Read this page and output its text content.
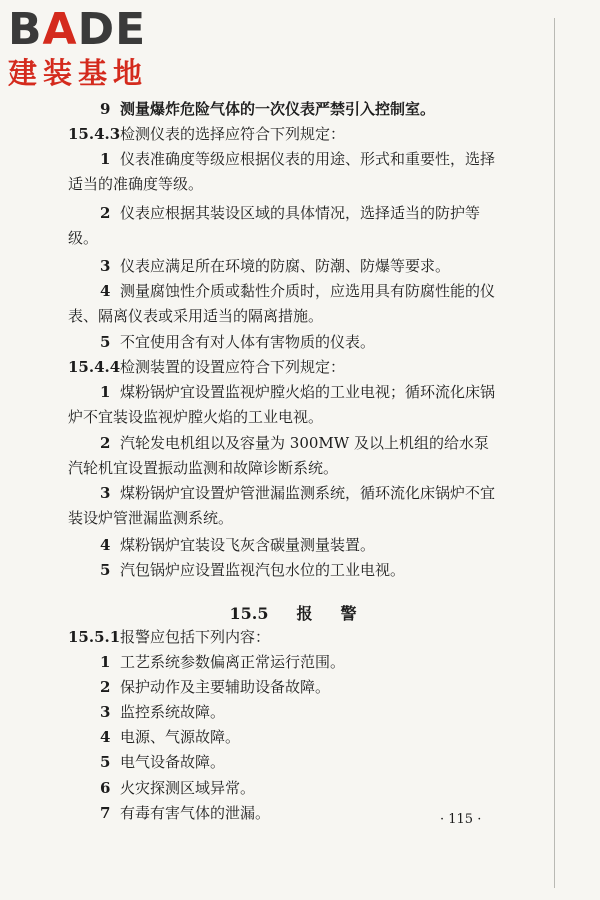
BADE
建装基地
9 测量爆炸危险气体的一次仪表严禁引入控制室。
15.4.3检测仪表的选择应符合下列规定：
1 仪表准确度等级应根据仪表的用途、形式和重要性，选择
适当的准确度等级。
2 仪表应根据其装设区域的具体情况，选择适当的防护等
级。
3 仪表应满足所在环境的防腐、防潮、防爆等要求。
4 测量腐蚀性介质或黏性介质时，应选用具有防腐性能的仪
表、隔离仪表或采用适当的隔离措施。
5 不宜使用含有对人体有害物质的仪表。
15.4.4检测装置的设置应符合下列规定：
1 煤粉锅炉宜设置监视炉膛火焰的工业电视；循环流化床锅
炉不宜装设监视炉膛火焰的工业电视。
2 汽轮发电机组以及容量为 300MW 及以上机组的给水泵
汽轮机宜设置振动监测和故障诊断系统。
3 煤粉锅炉宜设置炉管泄漏监测系统，循环流化床锅炉不宜
装设炉管泄漏监测系统。
4 煤粉锅炉宜装设飞灰含碳量测量装置。
5 汽包锅炉应设置监视汽包水位的工业电视。
15.5 报 警
15.5.1报警应包括下列内容：
1 工艺系统参数偏离正常运行范围。
2 保护动作及主要辅助设备故障。
3 监控系统故障。
4 电源、气源故障。
5 电气设备故障。
6 火灾探测区域异常。
7 有毒有害气体的泄漏。	· 115 ·
